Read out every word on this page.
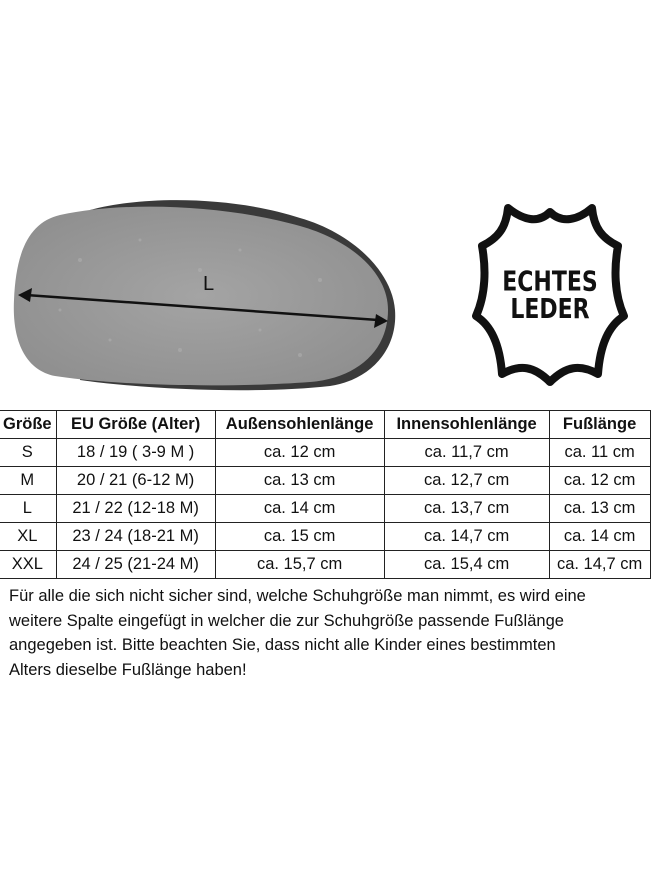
L	ECHTES
LEDER
Größe	EU Größe (Alter)	Außensohlenlänge	Innensohlenlänge	Fußlänge
S	18 / 19 ( 3-9 M )	ca. 12 cm	ca. 11,7 cm	ca. 11 cm
M	20 / 21 (6-12 M)	ca. 13 cm	ca. 12,7 cm	ca. 12 cm
L	21 / 22 (12-18 M)	ca. 14 cm	ca. 13,7 cm	ca. 13 cm
XL	23 / 24 (18-21 M)	ca. 15 cm	ca. 14,7 cm	ca. 14 cm
XXL	24 / 25 (21-24 M)	ca. 15,7 cm	ca. 15,4 cm	ca. 14,7 cm
Für alle die sich nicht sicher sind, welche Schuhgröße man nimmt, es wird eine
weitere Spalte eingefügt in welcher die zur Schuhgröße passende Fußlänge
angegeben ist. Bitte beachten Sie, dass nicht alle Kinder eines bestimmten
Alters dieselbe Fußlänge haben!
